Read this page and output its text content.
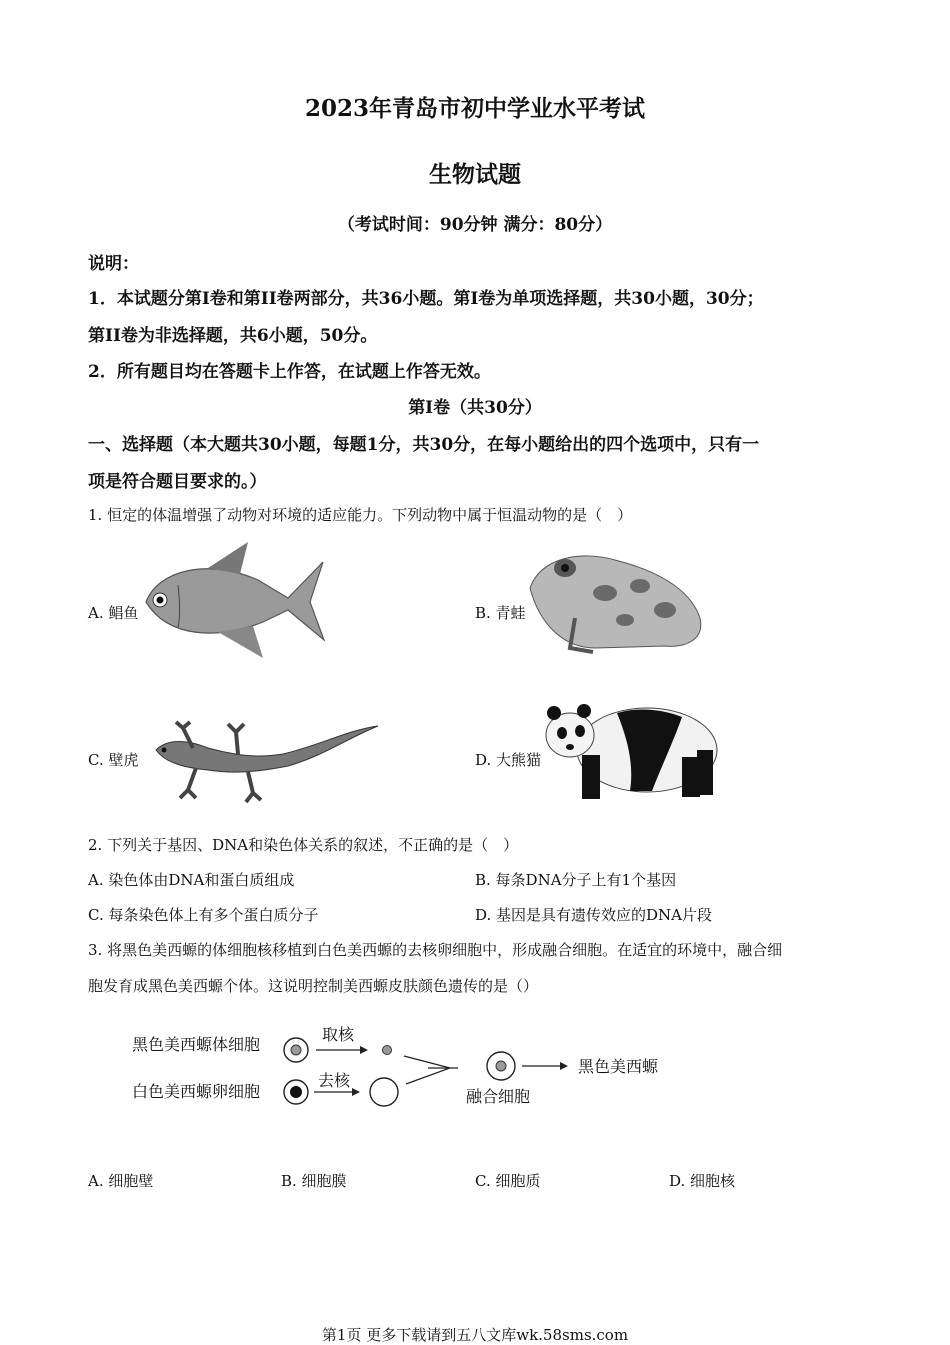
2023年青岛市初中学业水平考试
生物试题
（考试时间：90分钟 满分：80分）
说明：
1．本试题分第I卷和第II卷两部分，共36小题。第I卷为单项选择题，共30小题，30分；
第II卷为非选择题，共6小题，50分。
2．所有题目均在答题卡上作答，在试题上作答无效。
第I卷（共30分）
一、选择题（本大题共30小题，每题1分，共30分，在每小题给出的四个选项中，只有一
项是符合题目要求的。）
1. 恒定的体温增强了动物对环境的适应能力。下列动物中属于恒温动物的是（　）
A. 鲳鱼	B. 青蛙
C. 壁虎	D. 大熊猫
2. 下列关于基因、DNA和染色体关系的叙述，不正确的是（　）
A. 染色体由DNA和蛋白质组成	B. 每条DNA分子上有1个基因
C. 每条染色体上有多个蛋白质分子	D. 基因是具有遗传效应的DNA片段
3. 将黑色美西螈的体细胞核移植到白色美西螈的去核卵细胞中，形成融合细胞。在适宜的环境中，融合细
胞发育成黑色美西螈个体。这说明控制美西螈皮肤颜色遗传的是（）
黑色美西螈体细胞
白色美西螈卵细胞
取核
去核
融合细胞
黑色美西螈
A. 细胞壁	B. 细胞膜	C. 细胞质	D. 细胞核
第1页 更多下载请到五八文库wk.58sms.com
